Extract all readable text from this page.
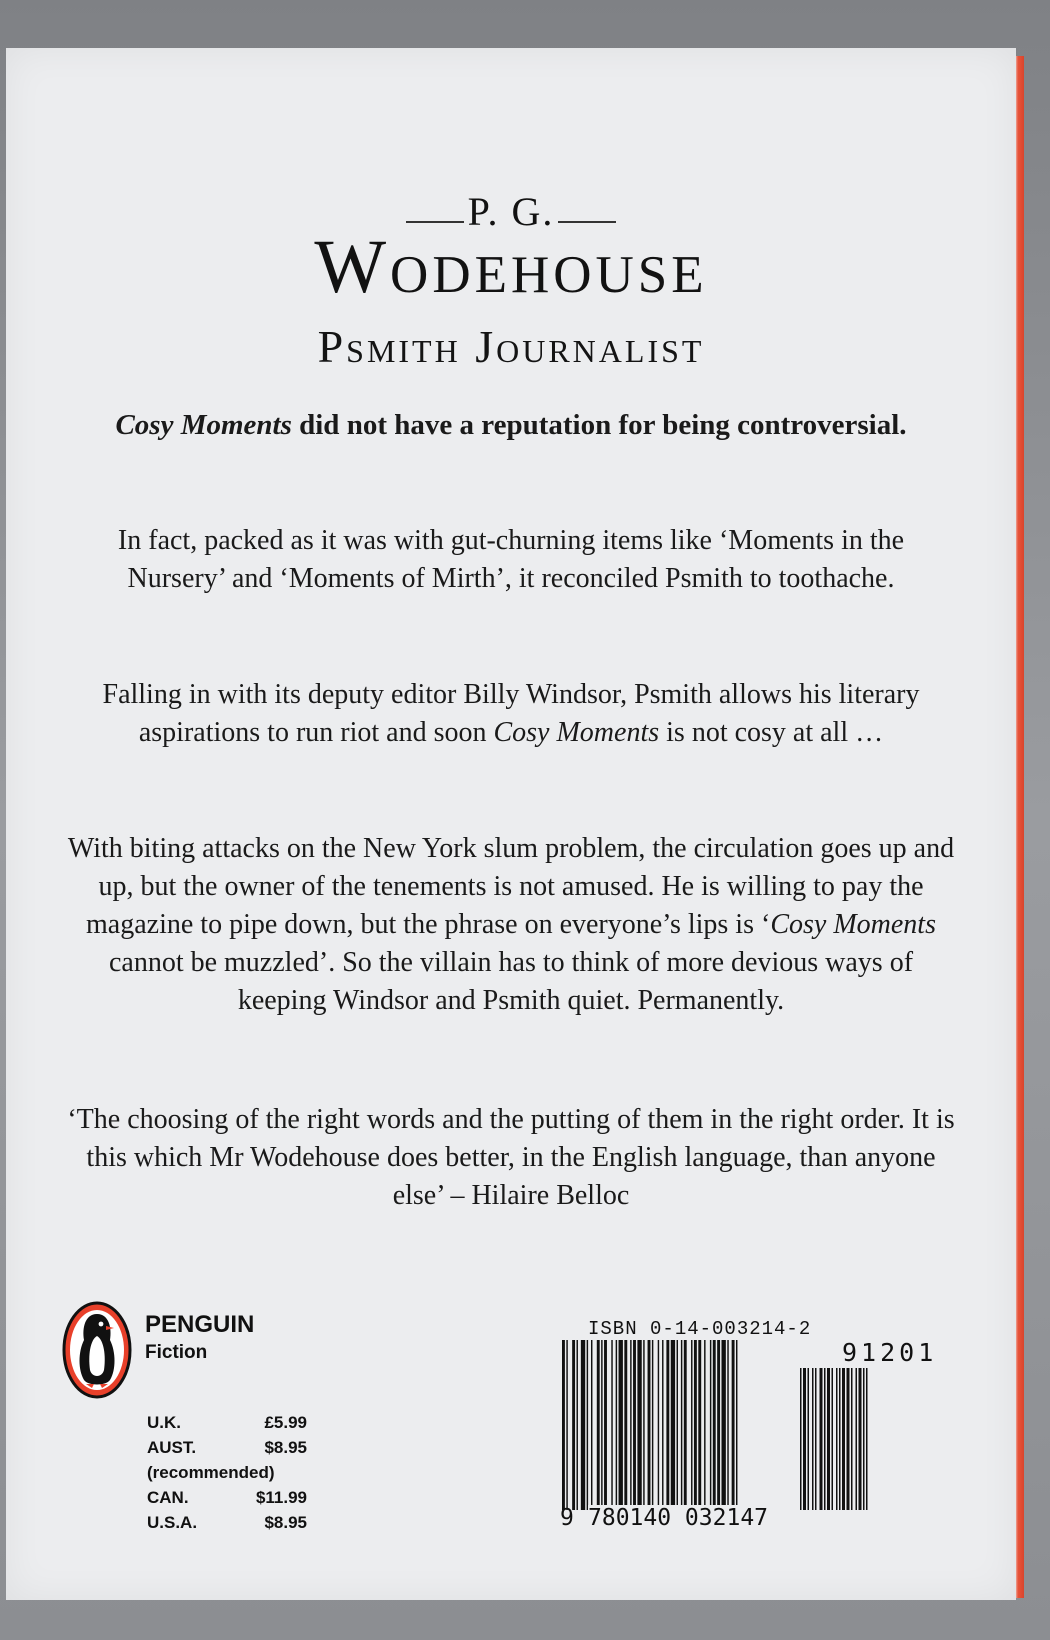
P. G.
Wodehouse
Psmith Journalist
Cosy Moments did not have a reputation for being controversial.
In fact, packed as it was with gut-churning items like ‘Moments in the Nursery’ and ‘Moments of Mirth’, it reconciled Psmith to toothache.
Falling in with its deputy editor Billy Windsor, Psmith allows his literary aspirations to run riot and soon Cosy Moments is not cosy at all …
With biting attacks on the New York slum problem, the circulation goes up and up, but the owner of the tenements is not amused. He is willing to pay the magazine to pipe down, but the phrase on everyone’s lips is ‘Cosy Moments cannot be muzzled’. So the villain has to think of more devious ways of keeping Windsor and Psmith quiet. Permanently.
‘The choosing of the right words and the putting of them in the right order. It is this which Mr Wodehouse does better, in the English language, than anyone else’ – Hilaire Belloc
PENGUIN
Fiction
U.K.	£5.99
AUST.	$8.95
(recommended)
CAN.	$11.99
U.S.A.	$8.95
ISBN 0-14-003214-2
9 780140 032147
91201
